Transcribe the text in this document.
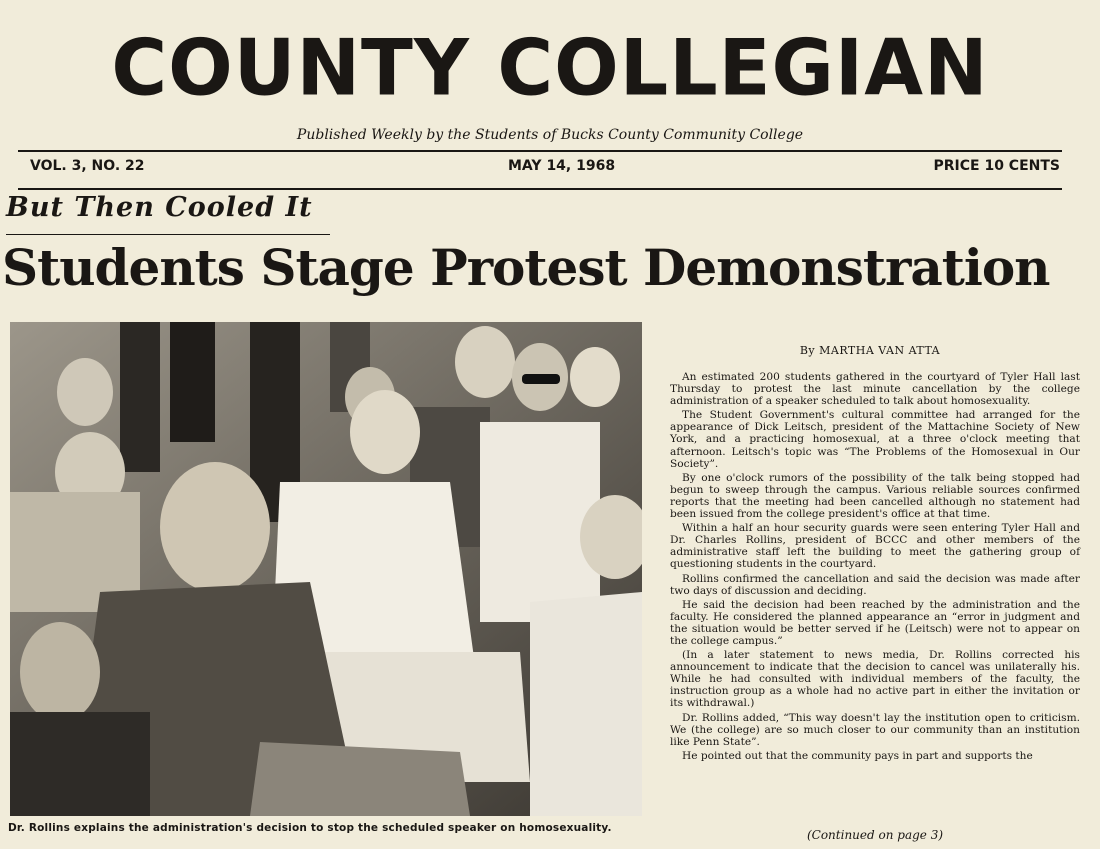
COUNTY COLLEGIAN
Published Weekly by the Students of Bucks County Community College
VOL. 3, NO. 22	MAY 14, 1968	PRICE 10 CENTS
But Then Cooled It
Students Stage Protest Demonstration
Dr. Rollins explains the administration's decision to stop the scheduled speaker on homosexuality.
By MARTHA VAN ATTA

An estimated 200 students gathered in the courtyard of Tyler Hall last Thursday to protest the last minute cancellation by the college administration of a speaker scheduled to talk about homosexuality.

The Student Government's cultural committee had arranged for the appearance of Dick Leitsch, president of the Mattachine Society of New York, and a practicing homosexual, at a three o'clock meeting that afternoon. Leitsch's topic was “The Problems of the Homosexual in Our Society”.

By one o'clock rumors of the possibility of the talk being stopped had begun to sweep through the campus. Various reliable sources confirmed reports that the meeting had been cancelled although no statement had been issued from the college president's office at that time.

Within a half an hour security guards were seen entering Tyler Hall and Dr. Charles Rollins, president of BCCC and other members of the administrative staff left the building to meet the gathering group of questioning students in the courtyard.

Rollins confirmed the cancellation and said the decision was made after two days of discussion and deciding.

He said the decision had been reached by the administration and the faculty. He considered the planned appearance an “error in judgment and the situation would be better served if he (Leitsch) were not to appear on the college campus.”

(In a later statement to news media, Dr. Rollins corrected his announcement to indicate that the decision to cancel was unilaterally his. While he had consulted with individual members of the faculty, the instruction group as a whole had no active part in either the invitation or its withdrawal.)

Dr. Rollins added, “This way doesn't lay the institution open to criticism. We (the college) are so much closer to our community than an institution like Penn State”.

He pointed out that the community pays in part and supports the

(Continued on page 3)
